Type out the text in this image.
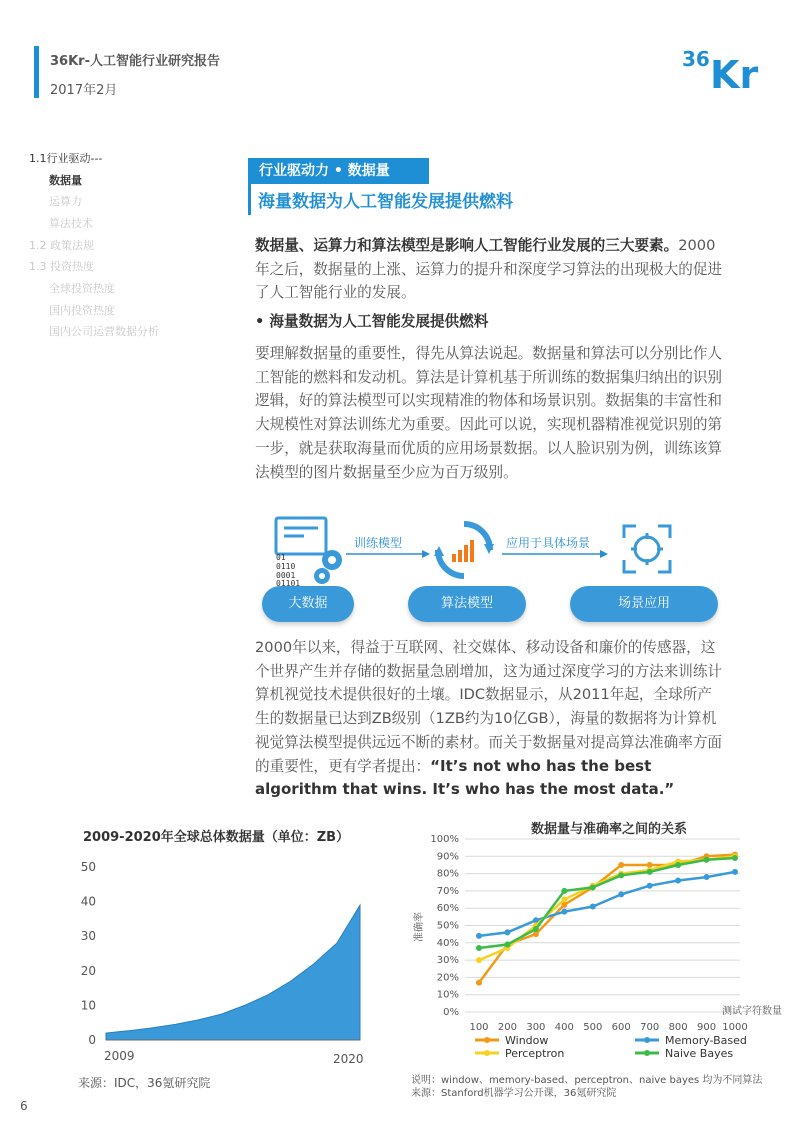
36Kr-人工智能行业研究报告
2017年2月
36 Kr
1.1行业驱动---
数据量
运算力
算法技术
1.2 政策法规
1.3 投资热度
全球投资热度
国内投资热度
国内公司运营数据分析
行业驱动力 • 数据量
海量数据为人工智能发展提供燃料
数据量、运算力和算法模型是影响人工智能行业发展的三大要素。2000年之后，数据量的上涨、运算力的提升和深度学习算法的出现极大的促进了人工智能行业的发展。
• 海量数据为人工智能发展提供燃料
要理解数据量的重要性，得先从算法说起。数据量和算法可以分别比作人工智能的燃料和发动机。算法是计算机基于所训练的数据集归纳出的识别逻辑，好的算法模型可以实现精准的物体和场景识别。数据集的丰富性和大规模性对算法训练尤为重要。因此可以说，实现机器精准视觉识别的第一步，就是获取海量而优质的应用场景数据。以人脸识别为例，训练该算法模型的图片数据量至少应为百万级别。
01
0110
0001
01101
训练模型	应用于具体场景
大数据	算法模型	场景应用
2000年以来，得益于互联网、社交媒体、移动设备和廉价的传感器，这个世界产生并存储的数据量急剧增加，这为通过深度学习的方法来训练计算机视觉技术提供很好的土壤。IDC数据显示，从2011年起，全球所产生的数据量已达到ZB级别（1ZB约为10亿GB），海量的数据将为计算机视觉算法模型提供远远不断的素材。而关于数据量对提高算法准确率方面的重要性，更有学者提出：“It’s not who has the best algorithm that wins. It’s who has the most data.”
2009-2020年全球总体数据量（单位：ZB）
50
40
30
20
10
0
2009	2020
来源：IDC，36氪研究院
数据量与准确率之间的关系
100%
90%
80%
70%
60%
50%
40%
30%
20%
10%
0%
100 200 300 400 500 600 700 800 900 1000
准确率
测试字符数量
Window	Memory-Based
Perceptron	Naive Bayes
说明：window、memory-based、perceptron、naive bayes 均为不同算法
来源：Stanford机器学习公开课，36氪研究院
6
